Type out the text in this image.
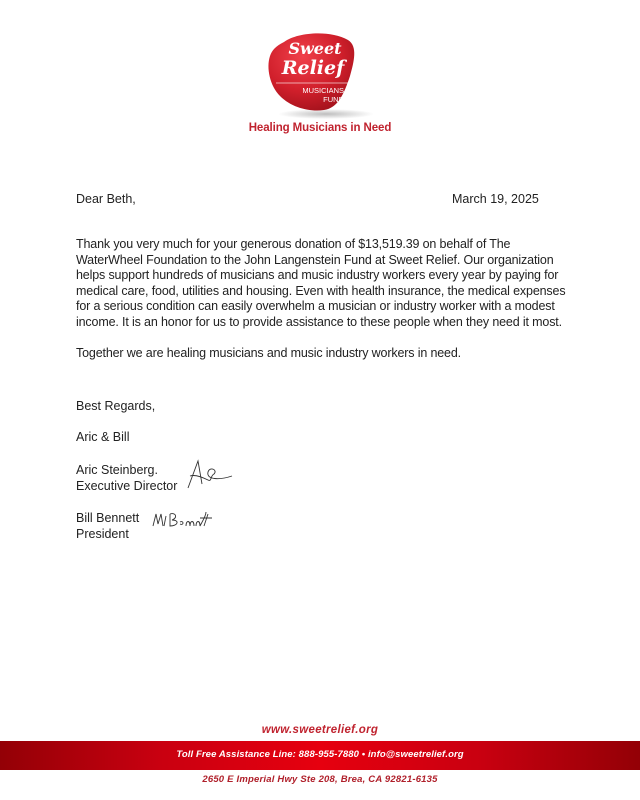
Sweet
Relief
MUSICIANS
FUND
Healing Musicians in Need
Dear Beth,	March 19, 2025

Thank you very much for your generous donation of $13,519.39 on behalf of The WaterWheel Foundation to the John Langenstein Fund at Sweet Relief. Our organization helps support hundreds of musicians and music industry workers every year by paying for medical care, food, utilities and housing. Even with health insurance, the medical expenses for a serious condition can easily overwhelm a musician or industry worker with a modest income. It is an honor for us to provide assistance to these people when they need it most.

Together we are healing musicians and music industry workers in need.

Best Regards,
Aric & Bill
Aric Steinberg.
Executive Director
Bill Bennett
President
www.sweetrelief.org
Toll Free Assistance Line: 888-955-7880 • info@sweetrelief.org
2650 E Imperial Hwy Ste 208, Brea, CA 92821-6135
